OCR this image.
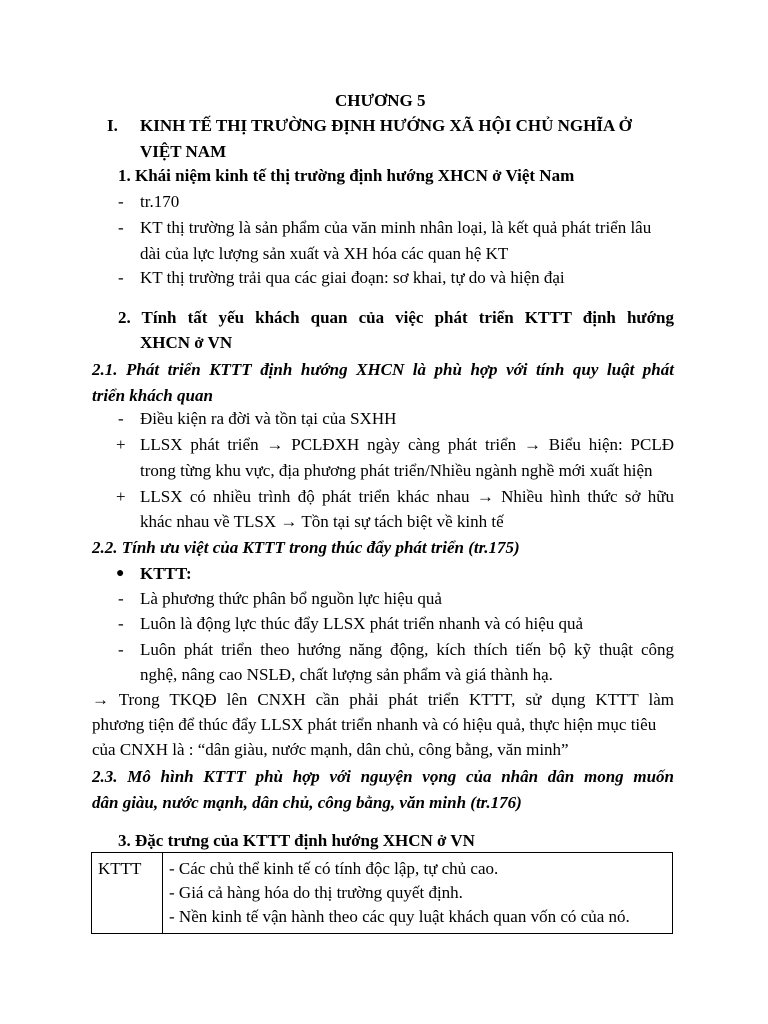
CHƯƠNG 5
I. KINH TẾ THỊ TRƯỜNG ĐỊNH HƯỚNG XÃ HỘI CHỦ NGHĨA Ở
VIỆT NAM
1. Khái niệm kinh tế thị trường định hướng XHCN ở Việt Nam
- tr.170
- KT thị trường là sản phẩm của văn minh nhân loại, là kết quả phát triển lâu
dài của lực lượng sản xuất và XH hóa các quan hệ KT
- KT thị trường trải qua các giai đoạn: sơ khai, tự do và hiện đại
2. Tính tất yếu khách quan của việc phát triển KTTT định hướng
XHCN ở VN
2.1. Phát triển KTTT định hướng XHCN là phù hợp với tính quy luật phát
triển khách quan
- Điều kiện ra đời và tồn tại của SXHH
+ LLSX phát triển → PCLĐXH ngày càng phát triển → Biểu hiện: PCLĐ
trong từng khu vực, địa phương phát triển/Nhiều ngành nghề mới xuất hiện
+ LLSX có nhiều trình độ phát triển khác nhau → Nhiều hình thức sở hữu
khác nhau về TLSX → Tồn tại sự tách biệt về kinh tế
2.2. Tính ưu việt của KTTT trong thúc đẩy phát triển (tr.175)
● KTTT:
- Là phương thức phân bổ nguồn lực hiệu quả
- Luôn là động lực thúc đẩy LLSX phát triển nhanh và có hiệu quả
- Luôn phát triển theo hướng năng động, kích thích tiến bộ kỹ thuật công
nghệ, nâng cao NSLĐ, chất lượng sản phẩm và giá thành hạ.
→ Trong TKQĐ lên CNXH cần phải phát triển KTTT, sử dụng KTTT làm
phương tiện để thúc đẩy LLSX phát triển nhanh và có hiệu quả, thực hiện mục tiêu
của CNXH là : “dân giàu, nước mạnh, dân chủ, công bằng, văn minh”
2.3. Mô hình KTTT phù hợp với nguyện vọng của nhân dân mong muốn
dân giàu, nước mạnh, dân chủ, công bằng, văn minh (tr.176)
3. Đặc trưng của KTTT định hướng XHCN ở VN
KTTT	- Các chủ thể kinh tế có tính độc lập, tự chủ cao.
- Giá cả hàng hóa do thị trường quyết định.
- Nền kinh tế vận hành theo các quy luật khách quan vốn có của nó.
